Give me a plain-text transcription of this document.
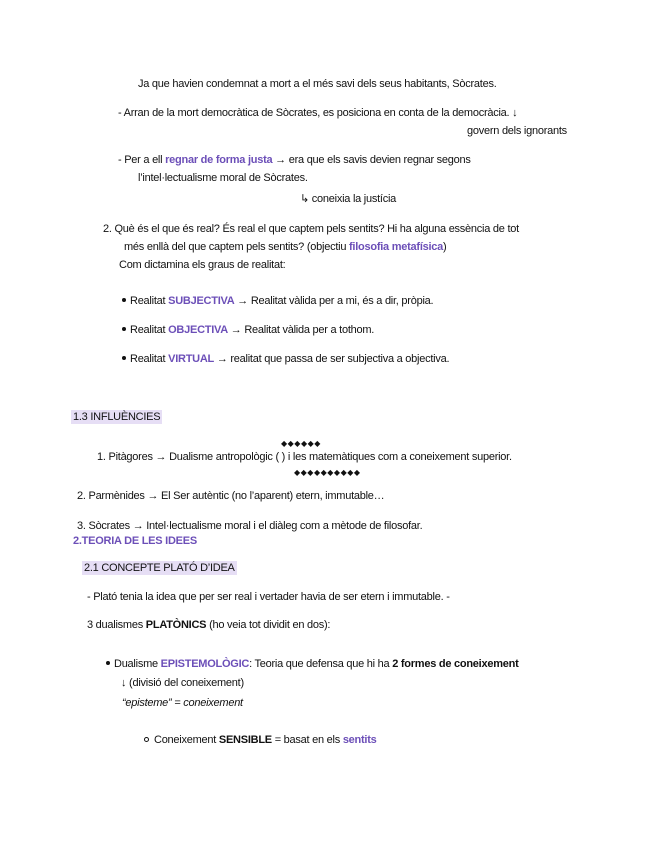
Ja que havien condemnat a mort a el més savi dels seus habitants, Sòcrates.
- Arran de la mort democràtica de Sòcrates, es posiciona en conta de la democràcia. ↓
govern dels ignorants
- Per a ell regnar de forma justa → era que els savis devien regnar segons
l’intel·lectualisme moral de Sòcrates.
↳ coneixia la justícia
2. Què és el que és real? És real el que captem pels sentits? Hi ha alguna essència de tot
més enllà del que captem pels sentits? (objectiu filosofia metafísica)
Com dictamina els graus de realitat:
Realitat SUBJECTIVA → Realitat vàlida per a mi, és a dir, pròpia.
Realitat OBJECTIVA → Realitat vàlida per a tothom.
Realitat VIRTUAL → realitat que passa de ser subjectiva a objectiva.
1.3 INFLUÈNCIES
◆◆◆◆◆◆
1. Pitàgores → Dualisme antropològic ( ) i les matemàtiques com a coneixement superior.
◆◆◆◆◆◆◆◆◆◆
2. Parmènides → El Ser autèntic (no l’aparent) etern, immutable…
3. Sòcrates → Intel·lectualisme moral i el diàleg com a mètode de filosofar.
2.TEORIA DE LES IDEES
2.1 CONCEPTE PLATÓ D’IDEA
- Plató tenia la idea que per ser real i vertader havia de ser etern i immutable. -
3 dualismes PLATÒNICS (ho veia tot dividit en dos):
Dualisme EPISTEMOLÒGIC: Teoria que defensa que hi ha 2 formes de coneixement
↓ (divisió del coneixement)
“episteme” = coneixement
Coneixement SENSIBLE = basat en els sentits
